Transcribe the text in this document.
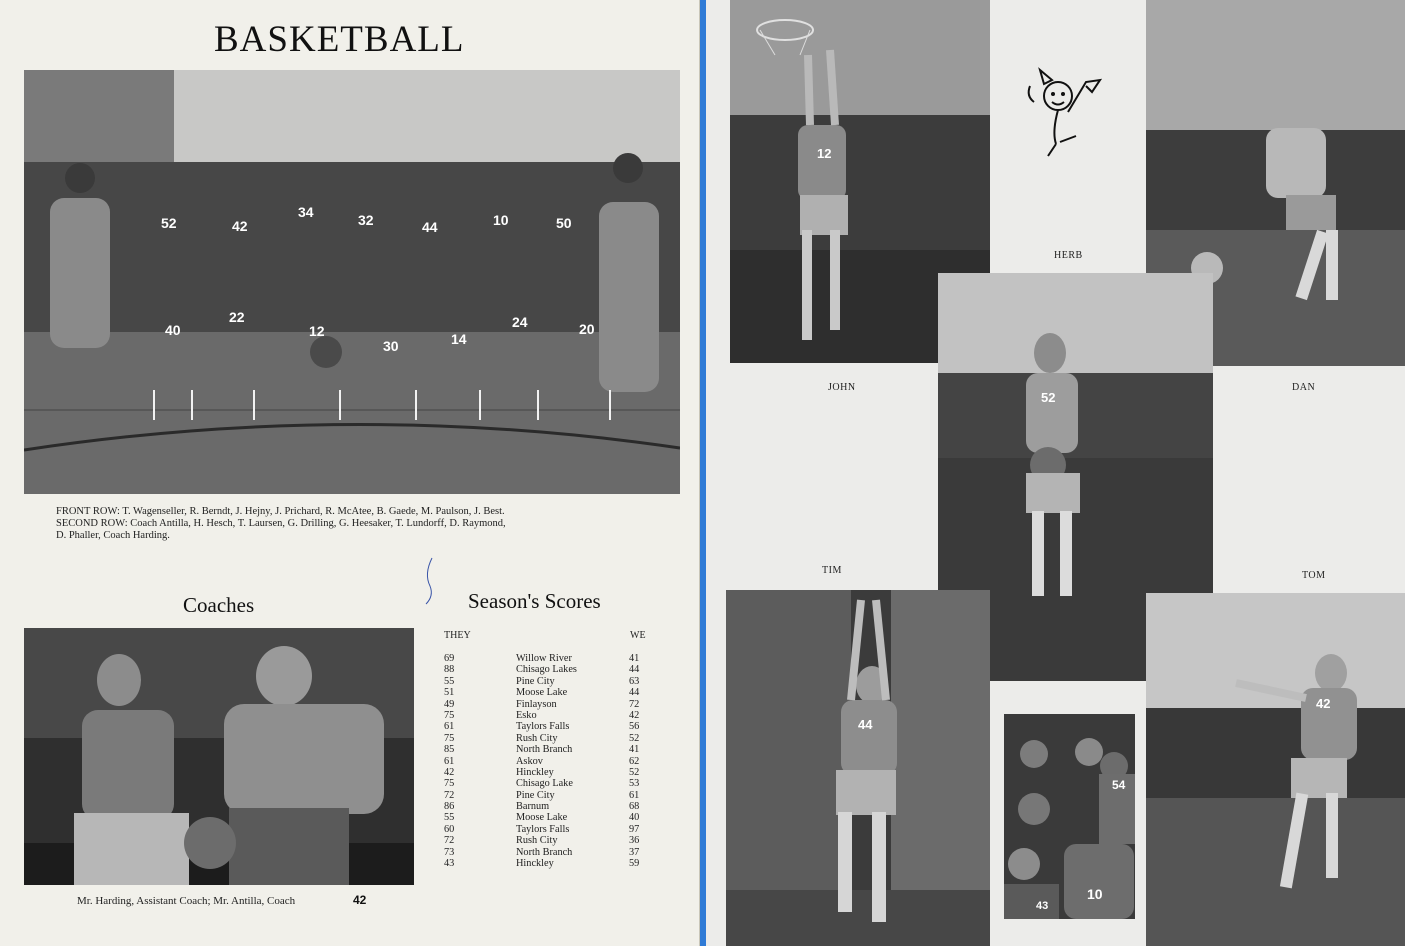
BASKETBALL
52	42
34	32	44	10	50
40
22
12
30	14
24	20
FRONT ROW: T. Wagenseller, R. Berndt, J. Hejny, J. Prichard, R. McAtee, B. Gaede, M. Paulson, J. Best.
SECOND ROW: Coach Antilla, H. Hesch, T. Laursen, G. Drilling, G. Heesaker, T. Lundorff, D. Raymond,
D. Phaller, Coach Harding.
Coaches
Mr. Harding, Assistant Coach; Mr. Antilla, Coach	42
Season's Scores
THEY	WE
69	Willow River	41
88	Chisago Lakes	44
55	Pine City	63
51	Moose Lake	44
49	Finlayson	72
75	Esko	42
61	Taylors Falls	56
75	Rush City	52
85	North Branch	41
61	Askov	62
42	Hinckley	52
75	Chisago Lake	53
72	Pine City	61
86	Barnum	68
55	Moose Lake	40
60	Taylors Falls	97
72	Rush City	36
73	North Branch	37
43	Hinckley	59
12
JOHN
HERB
DAN
52
TIM	TOM
44
54
10
43
42
